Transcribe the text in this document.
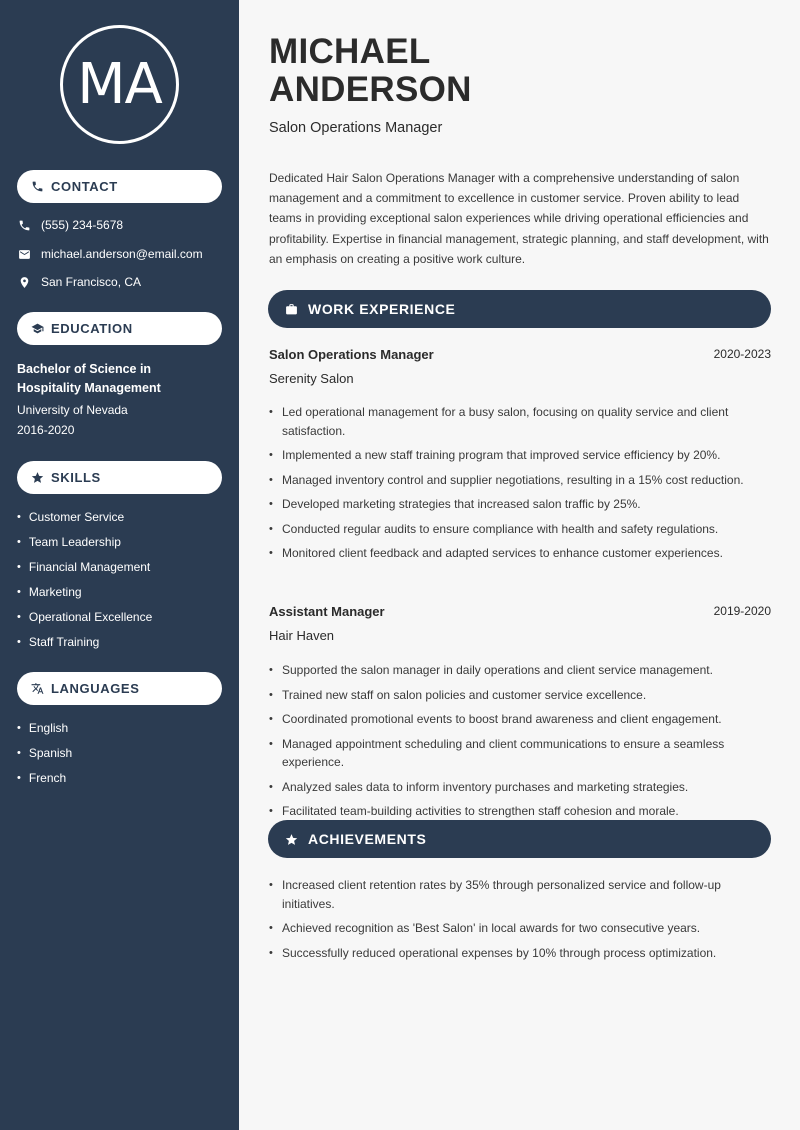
MA
CONTACT
(555) 234-5678
michael.anderson@email.com
San Francisco, CA
EDUCATION
Bachelor of Science in Hospitality Management
University of Nevada
2016-2020
SKILLS
• Customer Service
• Team Leadership
• Financial Management
• Marketing
• Operational Excellence
• Staff Training
LANGUAGES
• English
• Spanish
• French
MICHAEL
ANDERSON
Salon Operations Manager

Dedicated Hair Salon Operations Manager with a comprehensive understanding of salon management and a commitment to excellence in customer service. Proven ability to lead teams in providing exceptional salon experiences while driving operational efficiencies and profitability. Expertise in financial management, strategic planning, and staff development, with an emphasis on creating a positive work culture.

WORK EXPERIENCE
Salon Operations Manager	2020-2023
Serenity Salon
• Led operational management for a busy salon, focusing on quality service and client satisfaction.
• Implemented a new staff training program that improved service efficiency by 20%.
• Managed inventory control and supplier negotiations, resulting in a 15% cost reduction.
• Developed marketing strategies that increased salon traffic by 25%.
• Conducted regular audits to ensure compliance with health and safety regulations.
• Monitored client feedback and adapted services to enhance customer experiences.
Assistant Manager	2019-2020
Hair Haven
• Supported the salon manager in daily operations and client service management.
• Trained new staff on salon policies and customer service excellence.
• Coordinated promotional events to boost brand awareness and client engagement.
• Managed appointment scheduling and client communications to ensure a seamless experience.
• Analyzed sales data to inform inventory purchases and marketing strategies.
• Facilitated team-building activities to strengthen staff cohesion and morale.
ACHIEVEMENTS
• Increased client retention rates by 35% through personalized service and follow-up initiatives.
• Achieved recognition as 'Best Salon' in local awards for two consecutive years.
• Successfully reduced operational expenses by 10% through process optimization.
